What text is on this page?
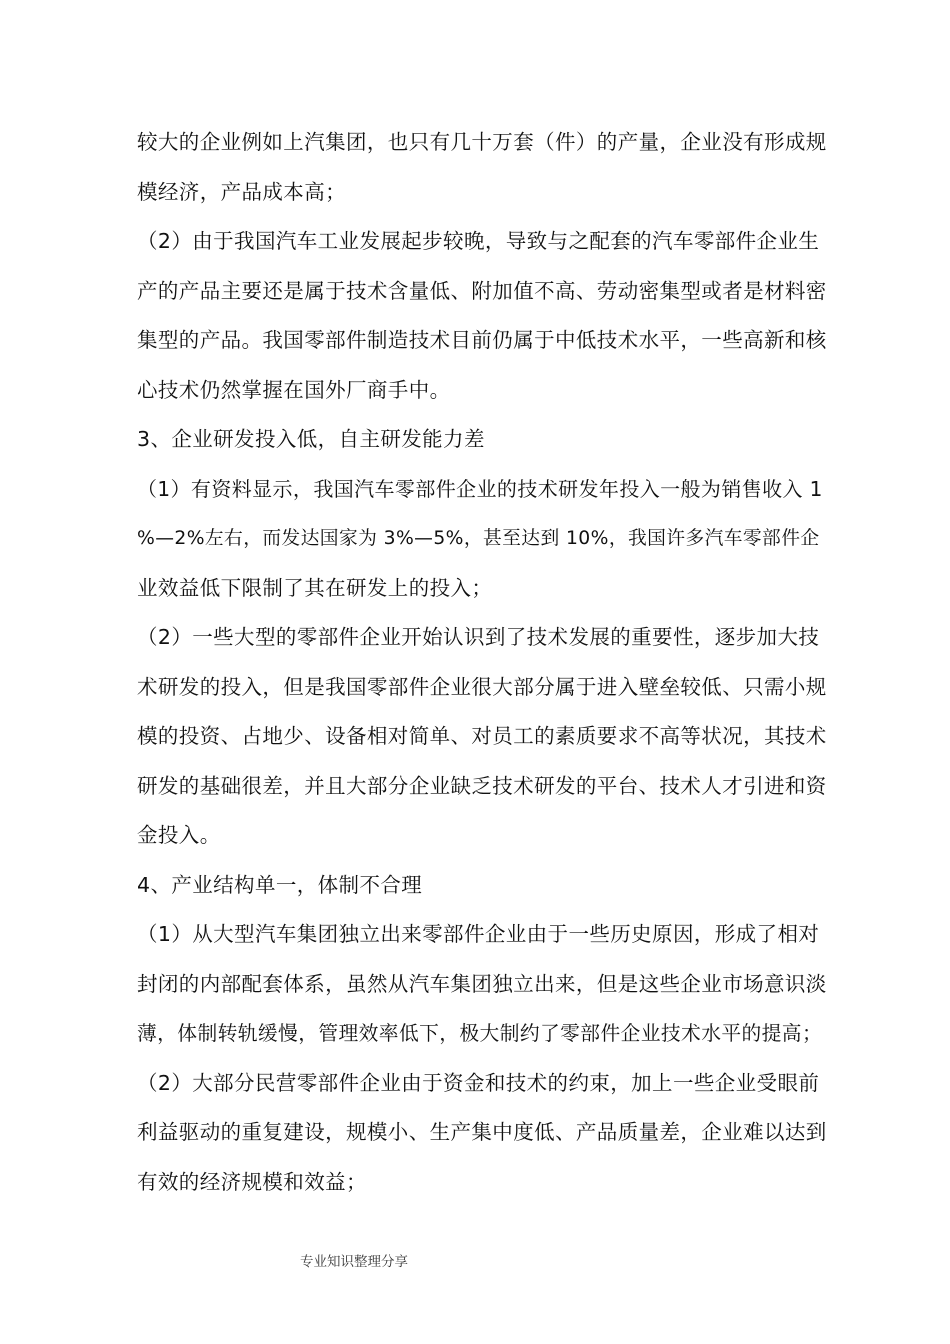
较大的企业例如上汽集团，也只有几十万套（件）的产量，企业没有形成规
模经济，产品成本高；
（2）由于我国汽车工业发展起步较晚，导致与之配套的汽车零部件企业生
产的产品主要还是属于技术含量低、附加值不高、劳动密集型或者是材料密
集型的产品。我国零部件制造技术目前仍属于中低技术水平，一些高新和核
心技术仍然掌握在国外厂商手中。
3、企业研发投入低，自主研发能力差
（1）有资料显示，我国汽车零部件企业的技术研发年投入一般为销售收入 1
%—2%左右，而发达国家为 3%—5%，甚至达到 10%，我国许多汽车零部件企
业效益低下限制了其在研发上的投入；
（2）一些大型的零部件企业开始认识到了技术发展的重要性，逐步加大技
术研发的投入，但是我国零部件企业很大部分属于进入壁垒较低、只需小规
模的投资、占地少、设备相对简单、对员工的素质要求不高等状况，其技术
研发的基础很差，并且大部分企业缺乏技术研发的平台、技术人才引进和资
金投入。
4、产业结构单一，体制不合理
（1）从大型汽车集团独立出来零部件企业由于一些历史原因，形成了相对
封闭的内部配套体系，虽然从汽车集团独立出来，但是这些企业市场意识淡
薄，体制转轨缓慢，管理效率低下，极大制约了零部件企业技术水平的提高；
（2）大部分民营零部件企业由于资金和技术的约束，加上一些企业受眼前
利益驱动的重复建设，规模小、生产集中度低、产品质量差，企业难以达到
有效的经济规模和效益；
专业知识整理分享
